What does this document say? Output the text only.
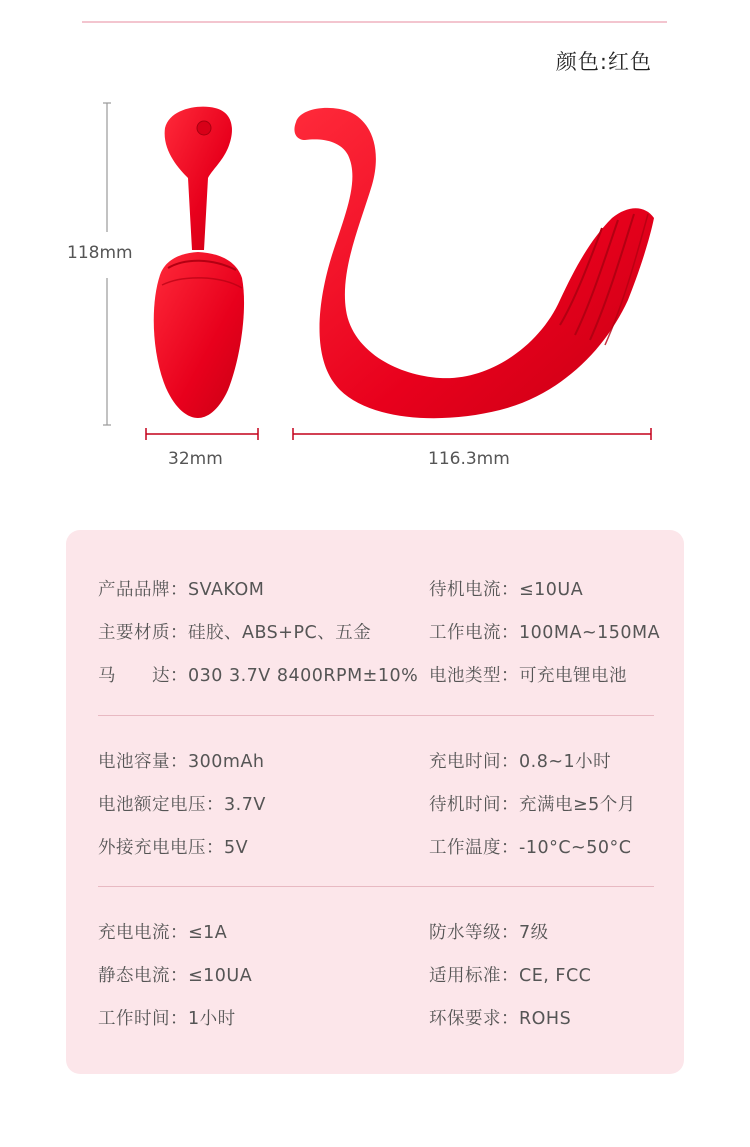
颜色:红色
118mm
32mm	116.3mm
产品品牌：SVAKOM
主要材质：硅胶、ABS+PC、五金
马　　达：030 3.7V 8400RPM±10%
待机电流：≤10UA
工作电流：100MA~150MA
电池类型：可充电锂电池
电池容量：300mAh
电池额定电压：3.7V
外接充电电压：5V
充电时间：0.8~1小时
待机时间：充满电≥5个月
工作温度：-10°C~50°C
充电电流：≤1A
静态电流：≤10UA
工作时间：1小时
防水等级：7级
适用标准：CE, FCC
环保要求：ROHS
